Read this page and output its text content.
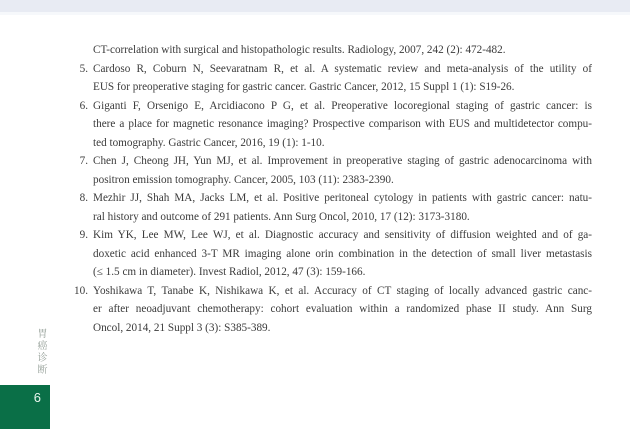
CT-correlation with surgical and histopathologic results. Radiology, 2007, 242 (2): 472-482.
5. Cardoso R, Coburn N, Seevaratnam R, et al. A systematic review and meta-analysis of the utility of
EUS for preoperative staging for gastric cancer. Gastric Cancer, 2012, 15 Suppl 1 (1): S19-26.
6. Giganti F, Orsenigo E, Arcidiacono P G, et al. Preoperative locoregional staging of gastric cancer: is
there a place for magnetic resonance imaging? Prospective comparison with EUS and multidetector compu-
ted tomography. Gastric Cancer, 2016, 19 (1): 1-10.
7. Chen J, Cheong JH, Yun MJ, et al. Improvement in preoperative staging of gastric adenocarcinoma with
positron emission tomography. Cancer, 2005, 103 (11): 2383-2390.
8. Mezhir JJ, Shah MA, Jacks LM, et al. Positive peritoneal cytology in patients with gastric cancer: natu-
ral history and outcome of 291 patients. Ann Surg Oncol, 2010, 17 (12): 3173-3180.
9. Kim YK, Lee MW, Lee WJ, et al. Diagnostic accuracy and sensitivity of diffusion weighted and of ga-
doxetic acid enhanced 3-T MR imaging alone orin combination in the detection of small liver metastasis
(≤ 1.5 cm in diameter). Invest Radiol, 2012, 47 (3): 159-166.
10. Yoshikawa T, Tanabe K, Nishikawa K, et al. Accuracy of CT staging of locally advanced gastric canc-
er after neoadjuvant chemotherapy: cohort evaluation within a randomized phase II study. Ann Surg
Oncol, 2014, 21 Suppl 3 (3): S385-389.
胃癌诊断
6
